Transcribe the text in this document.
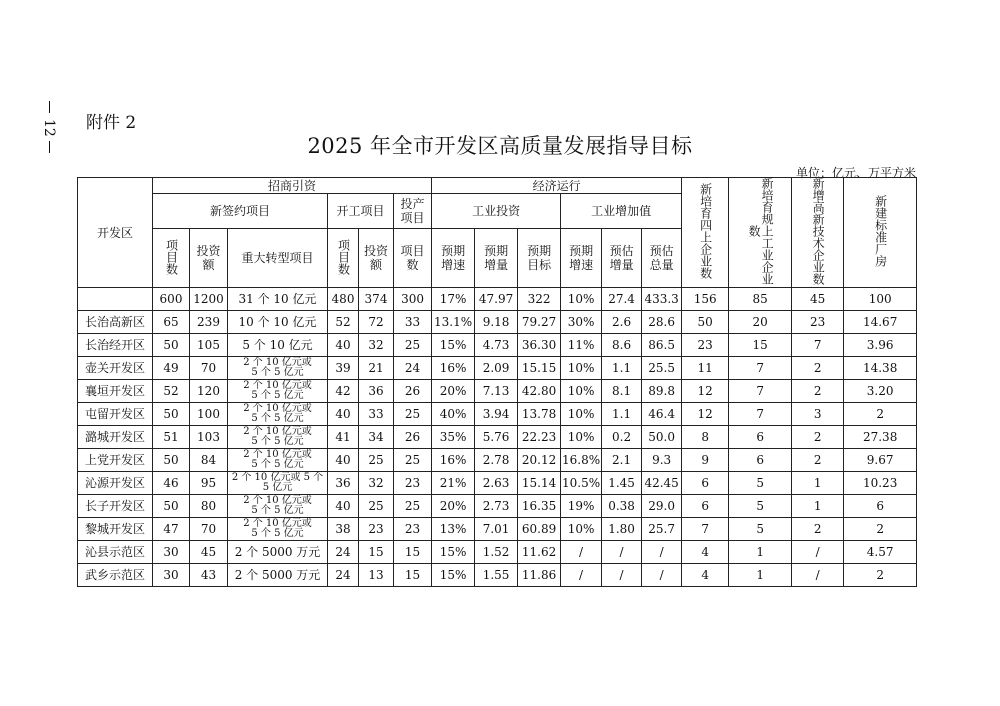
12 附件 2
2025 年全市开发区高质量发展指导目标
单位：亿元、万平方米
开发区	招商引资						经济运行						新培育四上企业数	新培育规上工业企业数	新增高新技术企业数	新建标准厂房
	新签约项目			开工项目		投产项目	工业投资			工业增加值						
	项目数	投资额	重大转型项目	项目数	投资额	项目数	预期增速	预期增量	预期目标	预期增速	预估增量	预估总量				
	600	1200	31 个 10 亿元	480	374	300	17%	47.97	322	10%	27.4	433.3	156	85	45	100
长治高新区	65	239	10 个 10 亿元	52	72	33	13.1%	9.18	79.27	30%	2.6	28.6	50	20	23	14.67
长治经开区	50	105	5 个 10 亿元	40	32	25	15%	4.73	36.30	11%	8.6	86.5	23	15	7	3.96
壶关开发区	49	70	2 个 10 亿元或
5 个 5 亿元	39	21	24	16%	2.09	15.15	10%	1.1	25.5	11	7	2	14.38
襄垣开发区	52	120	2 个 10 亿元或
5 个 5 亿元	42	36	26	20%	7.13	42.80	10%	8.1	89.8	12	7	2	3.20
屯留开发区	50	100	2 个 10 亿元或
5 个 5 亿元	40	33	25	40%	3.94	13.78	10%	1.1	46.4	12	7	3	2
潞城开发区	51	103	2 个 10 亿元或
5 个 5 亿元	41	34	26	35%	5.76	22.23	10%	0.2	50.0	8	6	2	27.38
上党开发区	50	84	2 个 10 亿元或
5 个 5 亿元	40	25	25	16%	2.78	20.12	16.8%	2.1	9.3	9	6	2	9.67
沁源开发区	46	95	2 个 10 亿元或 5 个
5 亿元	36	32	23	21%	2.63	15.14	10.5%	1.45	42.45	6	5	1	10.23
长子开发区	50	80	2 个 10 亿元或
5 个 5 亿元	40	25	25	20%	2.73	16.35	19%	0.38	29.0	6	5	1	6
黎城开发区	47	70	2 个 10 亿元或
5 个 5 亿元	38	23	23	13%	7.01	60.89	10%	1.80	25.7	7	5	2	2
沁县示范区	30	45	2 个 5000 万元	24	15	15	15%	1.52	11.62	/	/	/	4	1	/	4.57
武乡示范区	30	43	2 个 5000 万元	24	13	15	15%	1.55	11.86	/	/	/	4	1	/	2
